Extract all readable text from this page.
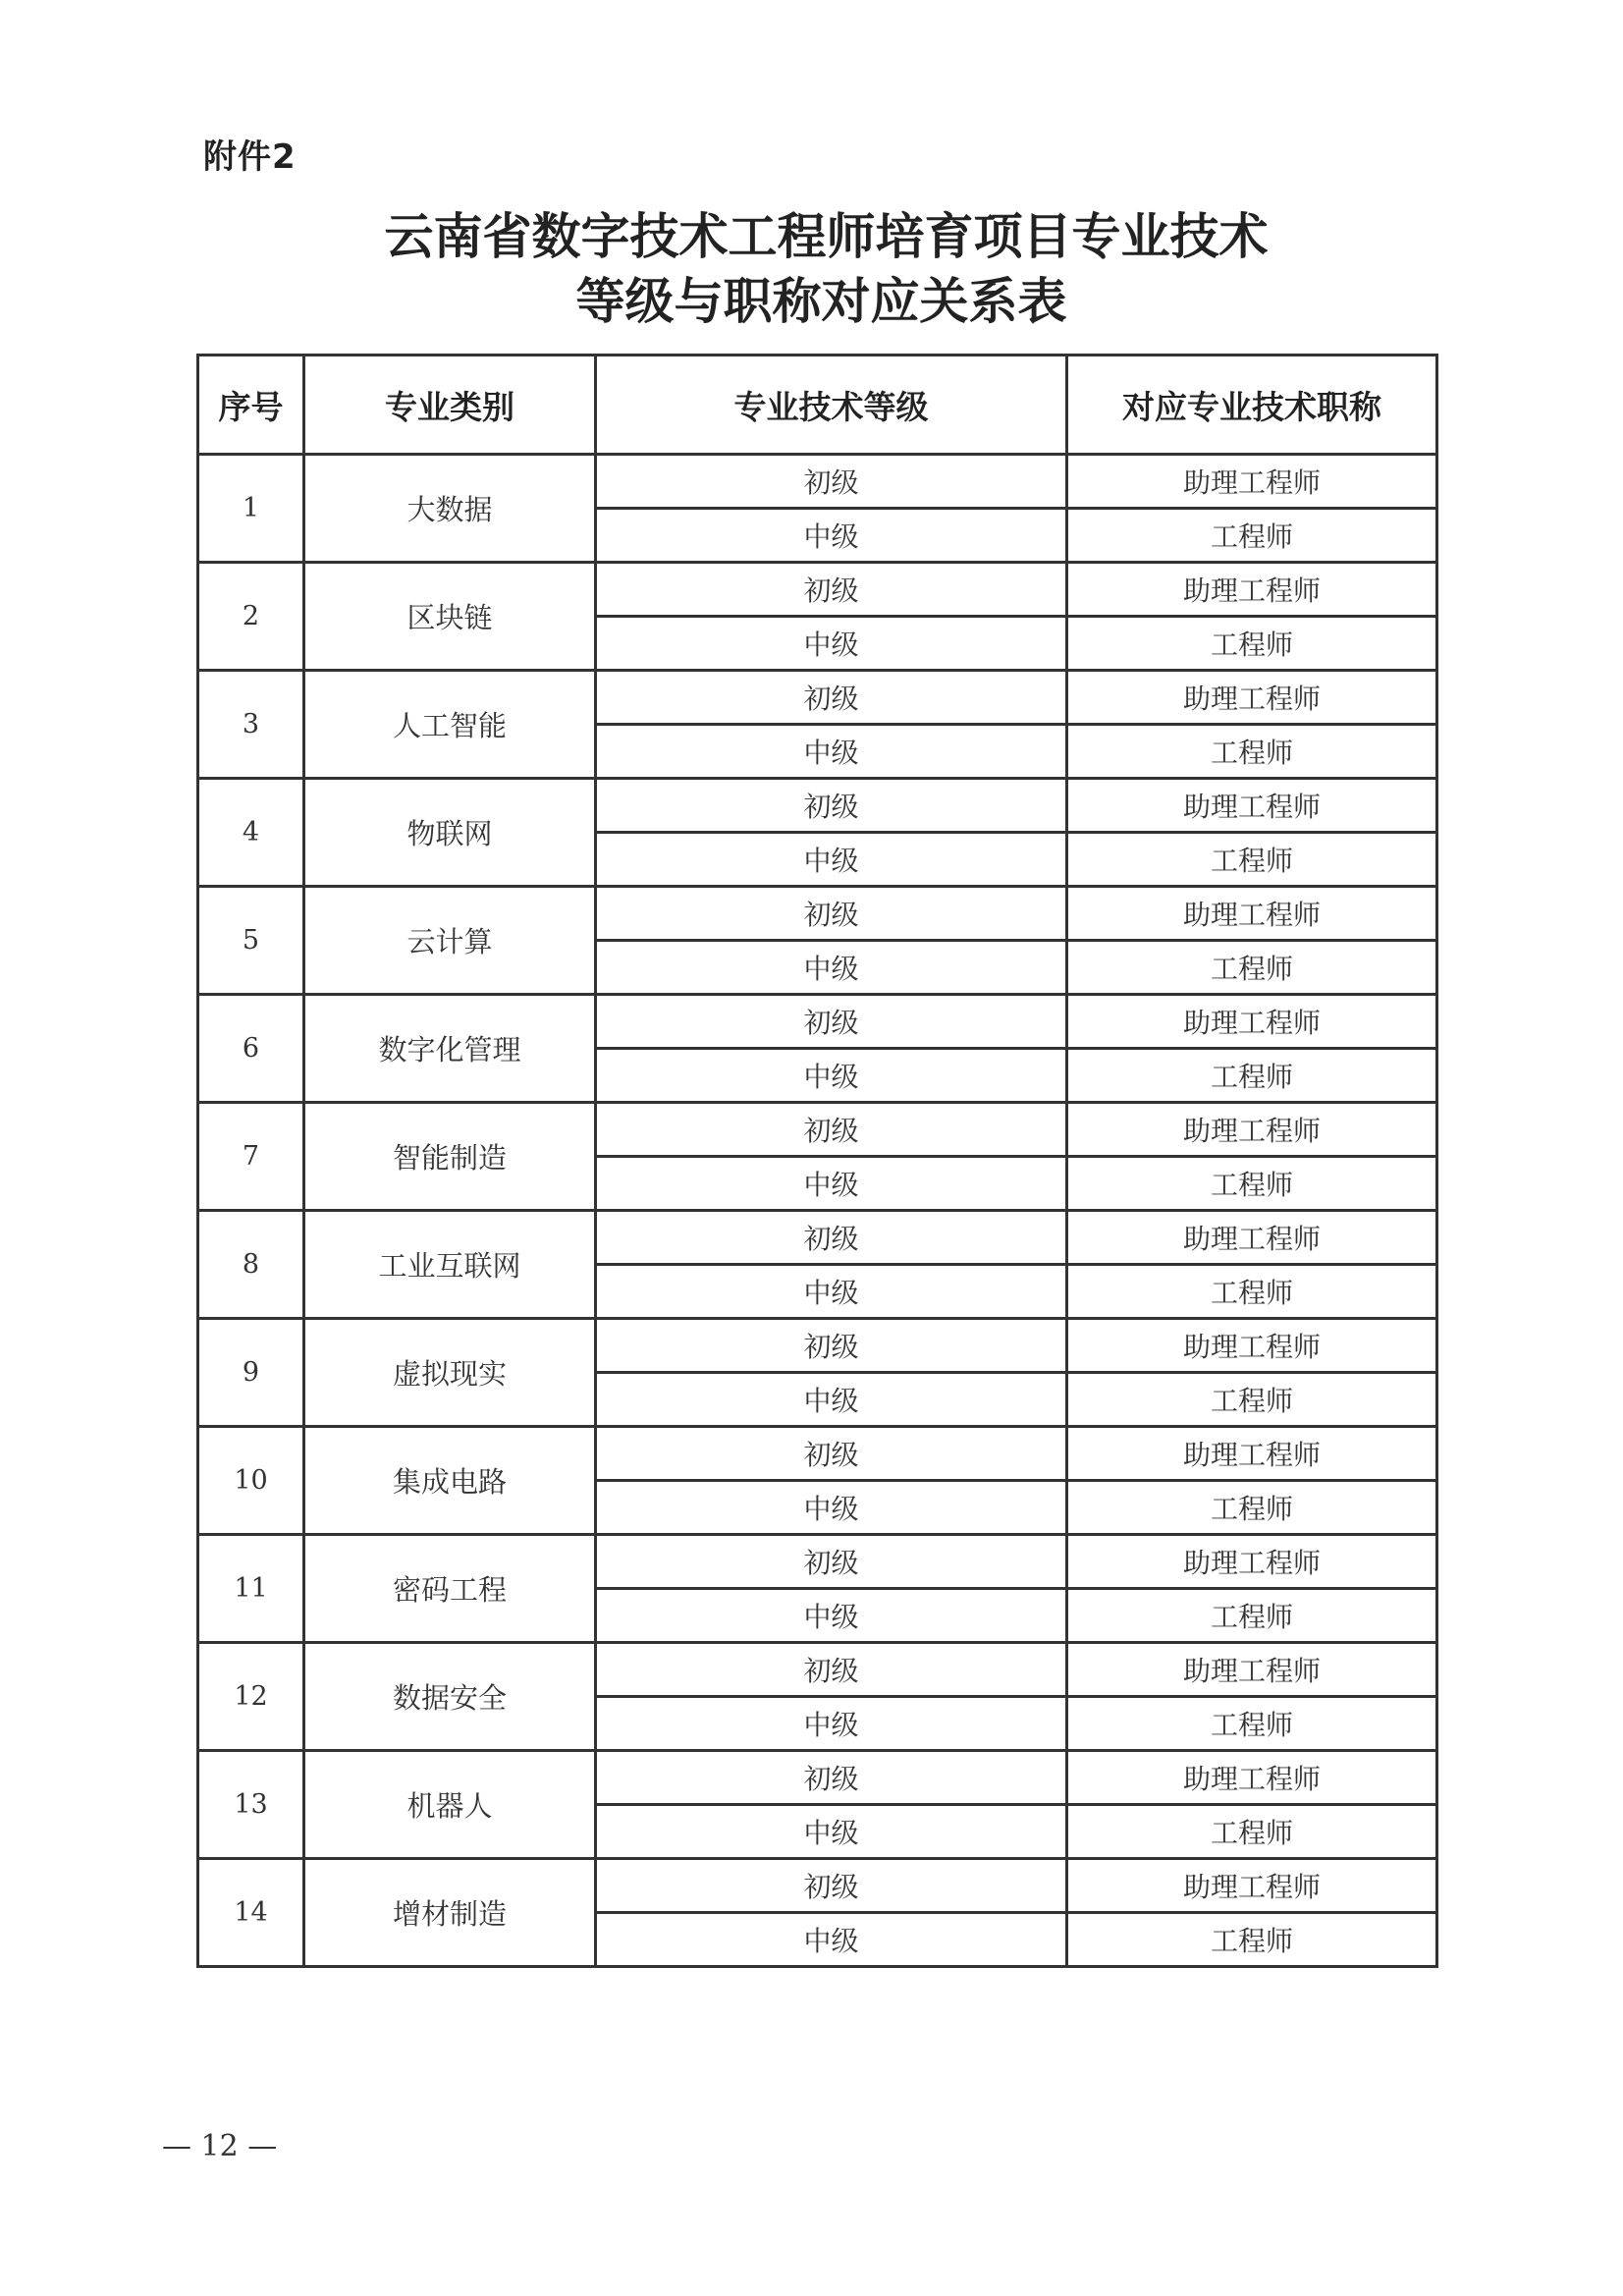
附件2
云南省数字技术工程师培育项目专业技术
等级与职称对应关系表
序号	专业类别	专业技术等级	对应专业技术职称
1	大数据	初级	助理工程师
		中级	工程师
2	区块链	初级	助理工程师
		中级	工程师
3	人工智能	初级	助理工程师
		中级	工程师
4	物联网	初级	助理工程师
		中级	工程师
5	云计算	初级	助理工程师
		中级	工程师
6	数字化管理	初级	助理工程师
		中级	工程师
7	智能制造	初级	助理工程师
		中级	工程师
8	工业互联网	初级	助理工程师
		中级	工程师
9	虚拟现实	初级	助理工程师
		中级	工程师
10	集成电路	初级	助理工程师
		中级	工程师
11	密码工程	初级	助理工程师
		中级	工程师
12	数据安全	初级	助理工程师
		中级	工程师
13	机器人	初级	助理工程师
		中级	工程师
14	增材制造	初级	助理工程师
		中级	工程师
— 12 —
